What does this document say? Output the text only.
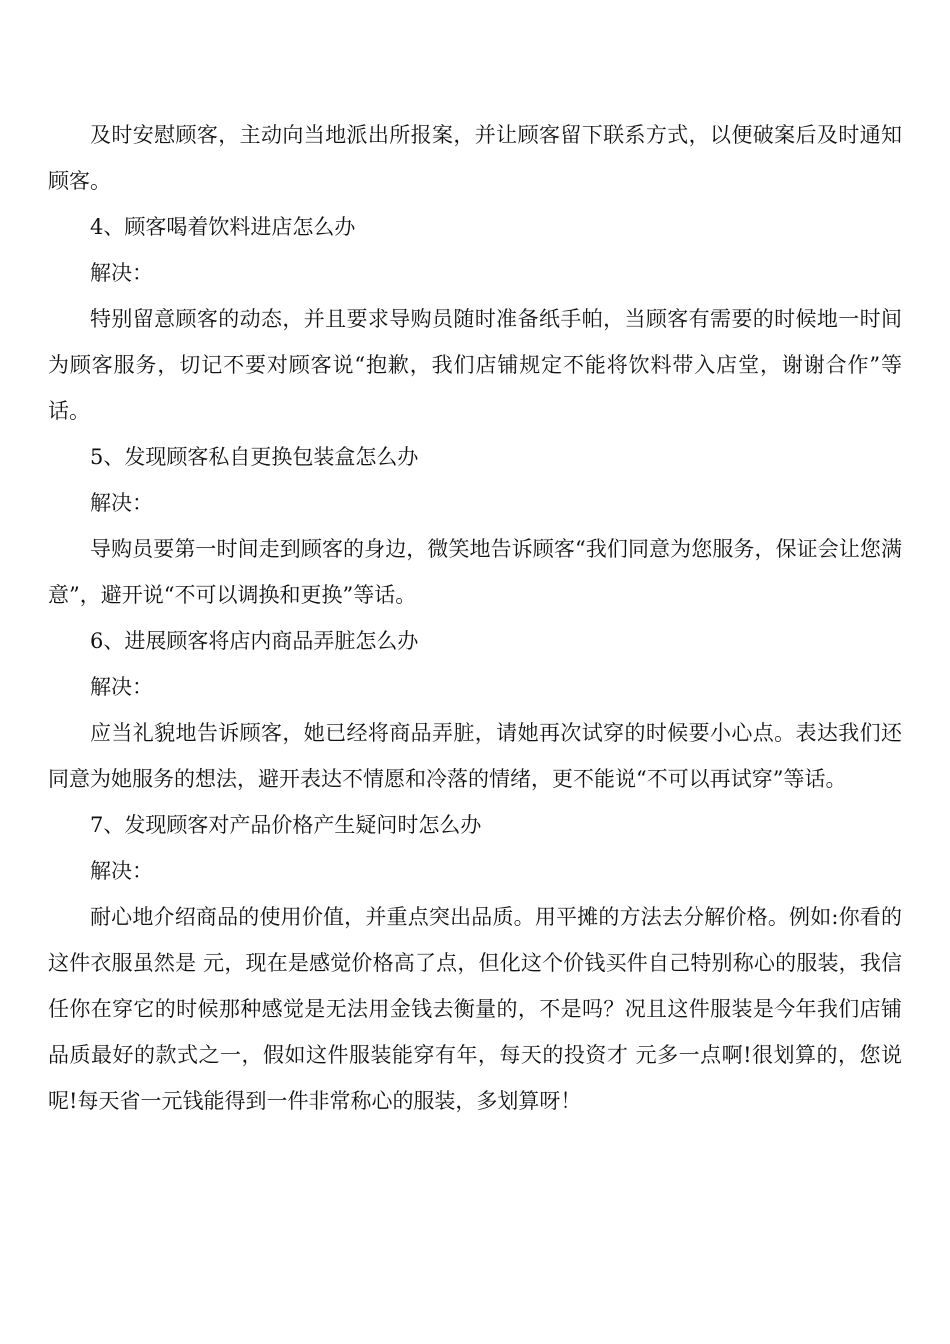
及时安慰顾客，主动向当地派出所报案，并让顾客留下联系方式，以便破案后及时通知顾客。

4、顾客喝着饮料进店怎么办

解决：

特别留意顾客的动态，并且要求导购员随时准备纸手帕，当顾客有需要的时候地一时间为顾客服务，切记不要对顾客说“抱歉，我们店铺规定不能将饮料带入店堂，谢谢合作”等话。

5、发现顾客私自更换包装盒怎么办

解决：

导购员要第一时间走到顾客的身边，微笑地告诉顾客“我们同意为您服务，保证会让您满意”，避开说“不可以调换和更换”等话。

6、进展顾客将店内商品弄脏怎么办

解决：

应当礼貌地告诉顾客，她已经将商品弄脏，请她再次试穿的时候要小心点。表达我们还同意为她服务的想法，避开表达不情愿和冷落的情绪，更不能说“不可以再试穿”等话。

7、发现顾客对产品价格产生疑问时怎么办

解决：

耐心地介绍商品的使用价值，并重点突出品质。用平摊的方法去分解价格。例如:你看的这件衣服虽然是 元，现在是感觉价格高了点，但化这个价钱买件自己特别称心的服装，我信任你在穿它的时候那种感觉是无法用金钱去衡量的，不是吗？况且这件服装是今年我们店铺品质最好的款式之一，假如这件服装能穿有年，每天的投资才 元多一点啊!很划算的，您说呢!每天省一元钱能得到一件非常称心的服装，多划算呀！
